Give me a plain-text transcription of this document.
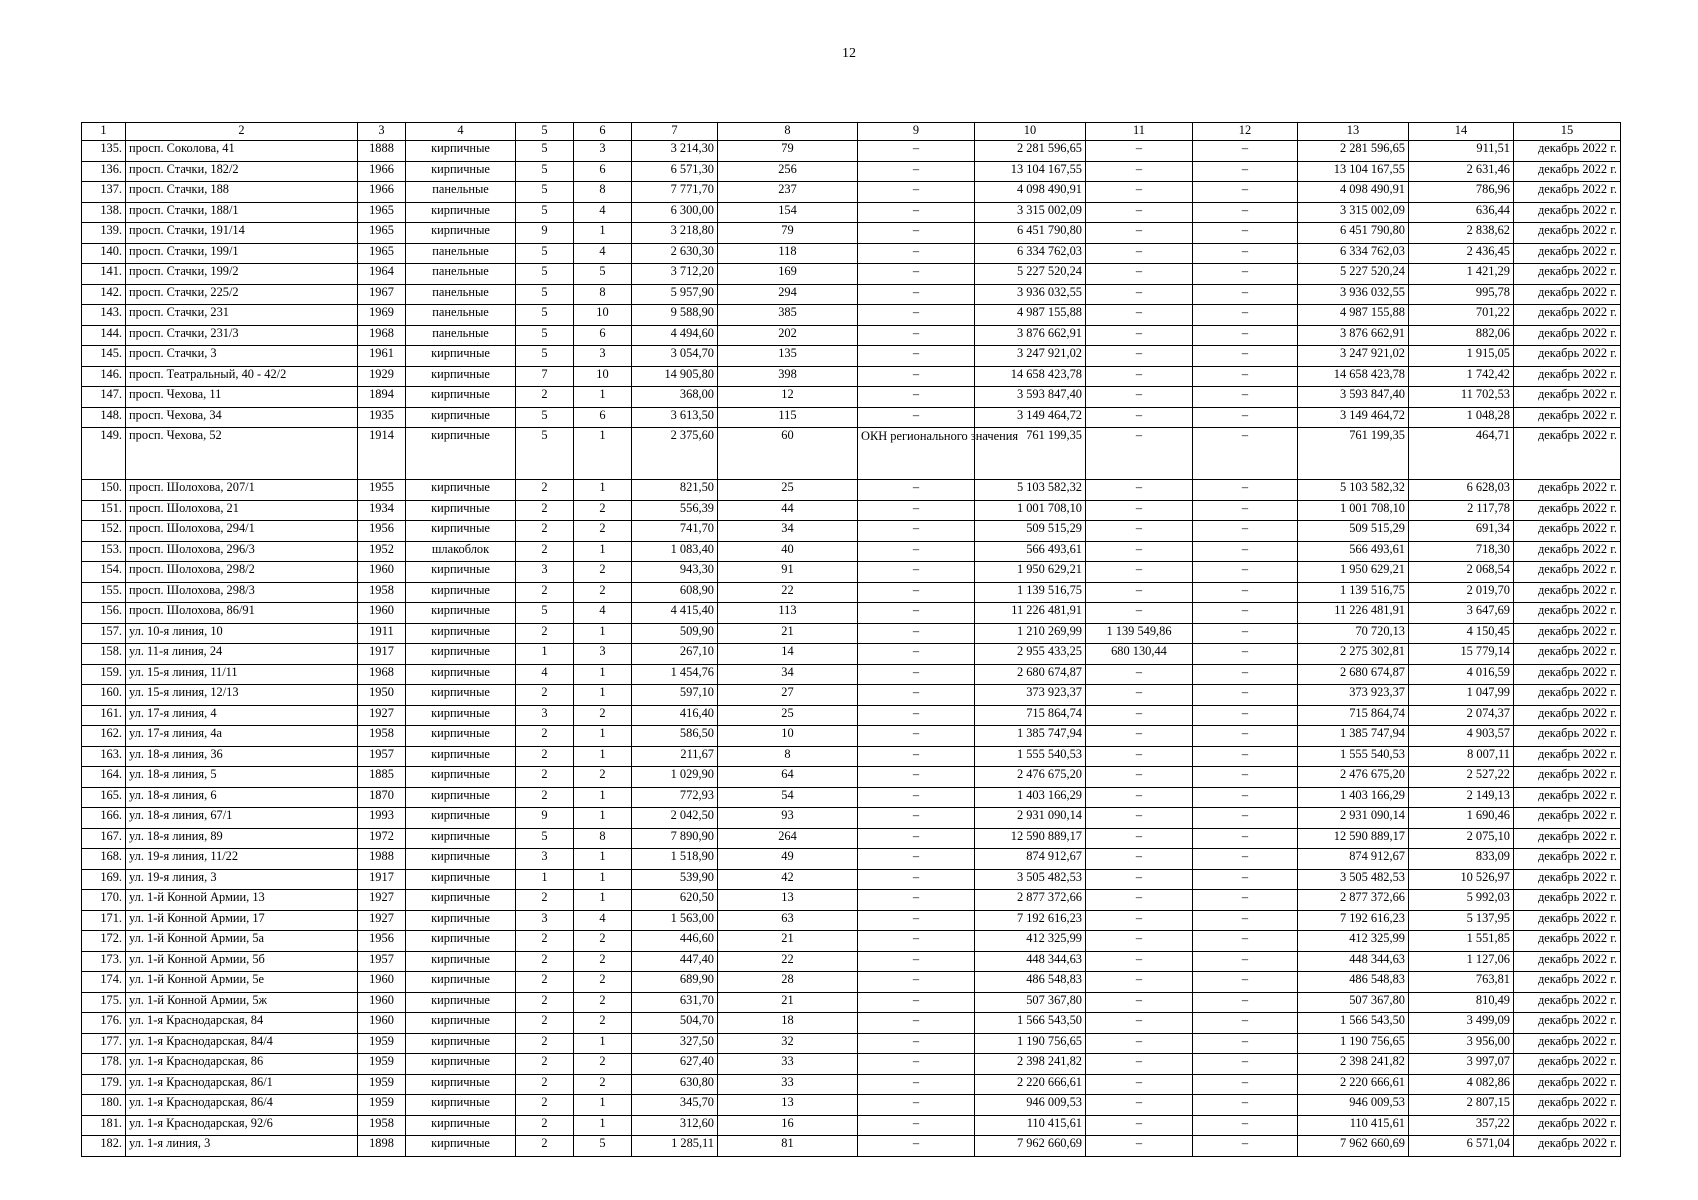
12
1	2	3	4	5	6	7	8	9	10	11	12	13	14	15
135.	просп. Соколова, 41	1888	кирпичные	5	3	3 214,30	79	–	2 281 596,65	–	–	2 281 596,65	911,51	декабрь 2022 г.
136.	просп. Стачки, 182/2	1966	кирпичные	5	6	6 571,30	256	–	13 104 167,55	–	–	13 104 167,55	2 631,46	декабрь 2022 г.
137.	просп. Стачки, 188	1966	панельные	5	8	7 771,70	237	–	4 098 490,91	–	–	4 098 490,91	786,96	декабрь 2022 г.
138.	просп. Стачки, 188/1	1965	кирпичные	5	4	6 300,00	154	–	3 315 002,09	–	–	3 315 002,09	636,44	декабрь 2022 г.
139.	просп. Стачки, 191/14	1965	кирпичные	9	1	3 218,80	79	–	6 451 790,80	–	–	6 451 790,80	2 838,62	декабрь 2022 г.
140.	просп. Стачки, 199/1	1965	панельные	5	4	2 630,30	118	–	6 334 762,03	–	–	6 334 762,03	2 436,45	декабрь 2022 г.
141.	просп. Стачки, 199/2	1964	панельные	5	5	3 712,20	169	–	5 227 520,24	–	–	5 227 520,24	1 421,29	декабрь 2022 г.
142.	просп. Стачки, 225/2	1967	панельные	5	8	5 957,90	294	–	3 936 032,55	–	–	3 936 032,55	995,78	декабрь 2022 г.
143.	просп. Стачки, 231	1969	панельные	5	10	9 588,90	385	–	4 987 155,88	–	–	4 987 155,88	701,22	декабрь 2022 г.
144.	просп. Стачки, 231/3	1968	панельные	5	6	4 494,60	202	–	3 876 662,91	–	–	3 876 662,91	882,06	декабрь 2022 г.
145.	просп. Стачки, 3	1961	кирпичные	5	3	3 054,70	135	–	3 247 921,02	–	–	3 247 921,02	1 915,05	декабрь 2022 г.
146.	просп. Театральный, 40 - 42/2	1929	кирпичные	7	10	14 905,80	398	–	14 658 423,78	–	–	14 658 423,78	1 742,42	декабрь 2022 г.
147.	просп. Чехова, 11	1894	кирпичные	2	1	368,00	12	–	3 593 847,40	–	–	3 593 847,40	11 702,53	декабрь 2022 г.
148.	просп. Чехова, 34	1935	кирпичные	5	6	3 613,50	115	–	3 149 464,72	–	–	3 149 464,72	1 048,28	декабрь 2022 г.
149.	просп. Чехова, 52	1914	кирпичные	5	1	2 375,60	60	ОКН регионального значения	761 199,35	–	–	761 199,35	464,71	декабрь 2022 г.
150.	просп. Шолохова, 207/1	1955	кирпичные	2	1	821,50	25	–	5 103 582,32	–	–	5 103 582,32	6 628,03	декабрь 2022 г.
151.	просп. Шолохова, 21	1934	кирпичные	2	2	556,39	44	–	1 001 708,10	–	–	1 001 708,10	2 117,78	декабрь 2022 г.
152.	просп. Шолохова, 294/1	1956	кирпичные	2	2	741,70	34	–	509 515,29	–	–	509 515,29	691,34	декабрь 2022 г.
153.	просп. Шолохова, 296/3	1952	шлакоблок	2	1	1 083,40	40	–	566 493,61	–	–	566 493,61	718,30	декабрь 2022 г.
154.	просп. Шолохова, 298/2	1960	кирпичные	3	2	943,30	91	–	1 950 629,21	–	–	1 950 629,21	2 068,54	декабрь 2022 г.
155.	просп. Шолохова, 298/3	1958	кирпичные	2	2	608,90	22	–	1 139 516,75	–	–	1 139 516,75	2 019,70	декабрь 2022 г.
156.	просп. Шолохова, 86/91	1960	кирпичные	5	4	4 415,40	113	–	11 226 481,91	–	–	11 226 481,91	3 647,69	декабрь 2022 г.
157.	ул. 10-я линия, 10	1911	кирпичные	2	1	509,90	21	–	1 210 269,99	1 139 549,86	–	70 720,13	4 150,45	декабрь 2022 г.
158.	ул. 11-я линия, 24	1917	кирпичные	1	3	267,10	14	–	2 955 433,25	680 130,44	–	2 275 302,81	15 779,14	декабрь 2022 г.
159.	ул. 15-я линия, 11/11	1968	кирпичные	4	1	1 454,76	34	–	2 680 674,87	–	–	2 680 674,87	4 016,59	декабрь 2022 г.
160.	ул. 15-я линия, 12/13	1950	кирпичные	2	1	597,10	27	–	373 923,37	–	–	373 923,37	1 047,99	декабрь 2022 г.
161.	ул. 17-я линия, 4	1927	кирпичные	3	2	416,40	25	–	715 864,74	–	–	715 864,74	2 074,37	декабрь 2022 г.
162.	ул. 17-я линия, 4а	1958	кирпичные	2	1	586,50	10	–	1 385 747,94	–	–	1 385 747,94	4 903,57	декабрь 2022 г.
163.	ул. 18-я линия, 36	1957	кирпичные	2	1	211,67	8	–	1 555 540,53	–	–	1 555 540,53	8 007,11	декабрь 2022 г.
164.	ул. 18-я линия, 5	1885	кирпичные	2	2	1 029,90	64	–	2 476 675,20	–	–	2 476 675,20	2 527,22	декабрь 2022 г.
165.	ул. 18-я линия, 6	1870	кирпичные	2	1	772,93	54	–	1 403 166,29	–	–	1 403 166,29	2 149,13	декабрь 2022 г.
166.	ул. 18-я линия, 67/1	1993	кирпичные	9	1	2 042,50	93	–	2 931 090,14	–	–	2 931 090,14	1 690,46	декабрь 2022 г.
167.	ул. 18-я линия, 89	1972	кирпичные	5	8	7 890,90	264	–	12 590 889,17	–	–	12 590 889,17	2 075,10	декабрь 2022 г.
168.	ул. 19-я линия, 11/22	1988	кирпичные	3	1	1 518,90	49	–	874 912,67	–	–	874 912,67	833,09	декабрь 2022 г.
169.	ул. 19-я линия, 3	1917	кирпичные	1	1	539,90	42	–	3 505 482,53	–	–	3 505 482,53	10 526,97	декабрь 2022 г.
170.	ул. 1-й Конной Армии, 13	1927	кирпичные	2	1	620,50	13	–	2 877 372,66	–	–	2 877 372,66	5 992,03	декабрь 2022 г.
171.	ул. 1-й Конной Армии, 17	1927	кирпичные	3	4	1 563,00	63	–	7 192 616,23	–	–	7 192 616,23	5 137,95	декабрь 2022 г.
172.	ул. 1-й Конной Армии, 5а	1956	кирпичные	2	2	446,60	21	–	412 325,99	–	–	412 325,99	1 551,85	декабрь 2022 г.
173.	ул. 1-й Конной Армии, 5б	1957	кирпичные	2	2	447,40	22	–	448 344,63	–	–	448 344,63	1 127,06	декабрь 2022 г.
174.	ул. 1-й Конной Армии, 5е	1960	кирпичные	2	2	689,90	28	–	486 548,83	–	–	486 548,83	763,81	декабрь 2022 г.
175.	ул. 1-й Конной Армии, 5ж	1960	кирпичные	2	2	631,70	21	–	507 367,80	–	–	507 367,80	810,49	декабрь 2022 г.
176.	ул. 1-я Краснодарская, 84	1960	кирпичные	2	2	504,70	18	–	1 566 543,50	–	–	1 566 543,50	3 499,09	декабрь 2022 г.
177.	ул. 1-я Краснодарская, 84/4	1959	кирпичные	2	1	327,50	32	–	1 190 756,65	–	–	1 190 756,65	3 956,00	декабрь 2022 г.
178.	ул. 1-я Краснодарская, 86	1959	кирпичные	2	2	627,40	33	–	2 398 241,82	–	–	2 398 241,82	3 997,07	декабрь 2022 г.
179.	ул. 1-я Краснодарская, 86/1	1959	кирпичные	2	2	630,80	33	–	2 220 666,61	–	–	2 220 666,61	4 082,86	декабрь 2022 г.
180.	ул. 1-я Краснодарская, 86/4	1959	кирпичные	2	1	345,70	13	–	946 009,53	–	–	946 009,53	2 807,15	декабрь 2022 г.
181.	ул. 1-я Краснодарская, 92/6	1958	кирпичные	2	1	312,60	16	–	110 415,61	–	–	110 415,61	357,22	декабрь 2022 г.
182.	ул. 1-я линия, 3	1898	кирпичные	2	5	1 285,11	81	–	7 962 660,69	–	–	7 962 660,69	6 571,04	декабрь 2022 г.
